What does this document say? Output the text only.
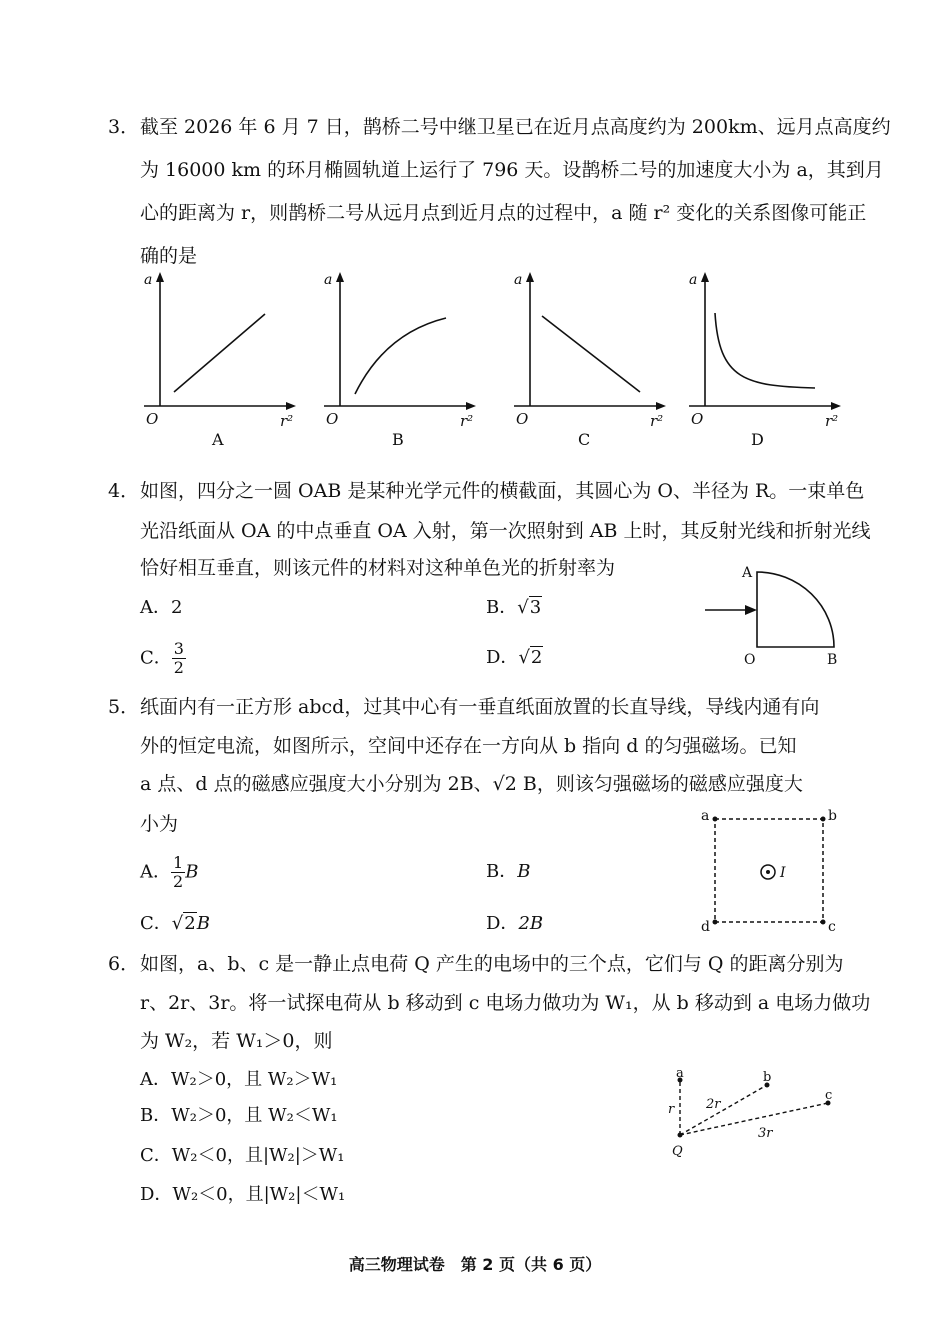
3． 截至 2026 年 6 月 7 日，鹊桥二号中继卫星已在近月点高度约为 200km、远月点高度约
为 16000 km 的环月椭圆轨道上运行了 796 天。设鹊桥二号的加速度大小为 a，其到月
心的距离为 r，则鹊桥二号从远月点到近月点的过程中，a 随 r² 变化的关系图像可能正
确的是
a
O	r²
A
a
O	r²
B
a
O	r²
C
a
O	r²
D
4． 如图，四分之一圆 OAB 是某种光学元件的横截面，其圆心为 O、半径为 R。一束单色
光沿纸面从 OA 的中点垂直 OA 入射，第一次照射到 AB 上时，其反射光线和折射光线
恰好相互垂直，则该元件的材料对这种单色光的折射率为
A．2	B．√3
C． $\frac{3}{2}$	D．√2
A
O	B
5． 纸面内有一正方形 abcd，过其中心有一垂直纸面放置的长直导线，导线内通有向
外的恒定电流，如图所示，空间中还存在一方向从 b 指向 d 的匀强磁场。已知
a 点、d 点的磁感应强度大小分别为 2B、√2 B，则该匀强磁场的磁感应强度大
小为
A． $\frac{1}{2}$ B	B．B
C．√2B	D．2B
a	b
c
d
I
6． 如图，a、b、c 是一静止点电荷 Q 产生的电场中的三个点，它们与 Q 的距离分别为
r、2r、3r。将一试探电荷从 b 移动到 c 电场力做功为 W₁，从 b 移动到 a 电场力做功
为 W₂，若 W₁＞0，则
A．W₂＞0，且 W₂＞W₁
B．W₂＞0，且 W₂＜W₁
C．W₂＜0，且|W₂|＞W₁
D．W₂＜0，且|W₂|＜W₁
a	b
c
Q
r 2r
3r
高三物理试卷　第 2 页（共 6 页）
